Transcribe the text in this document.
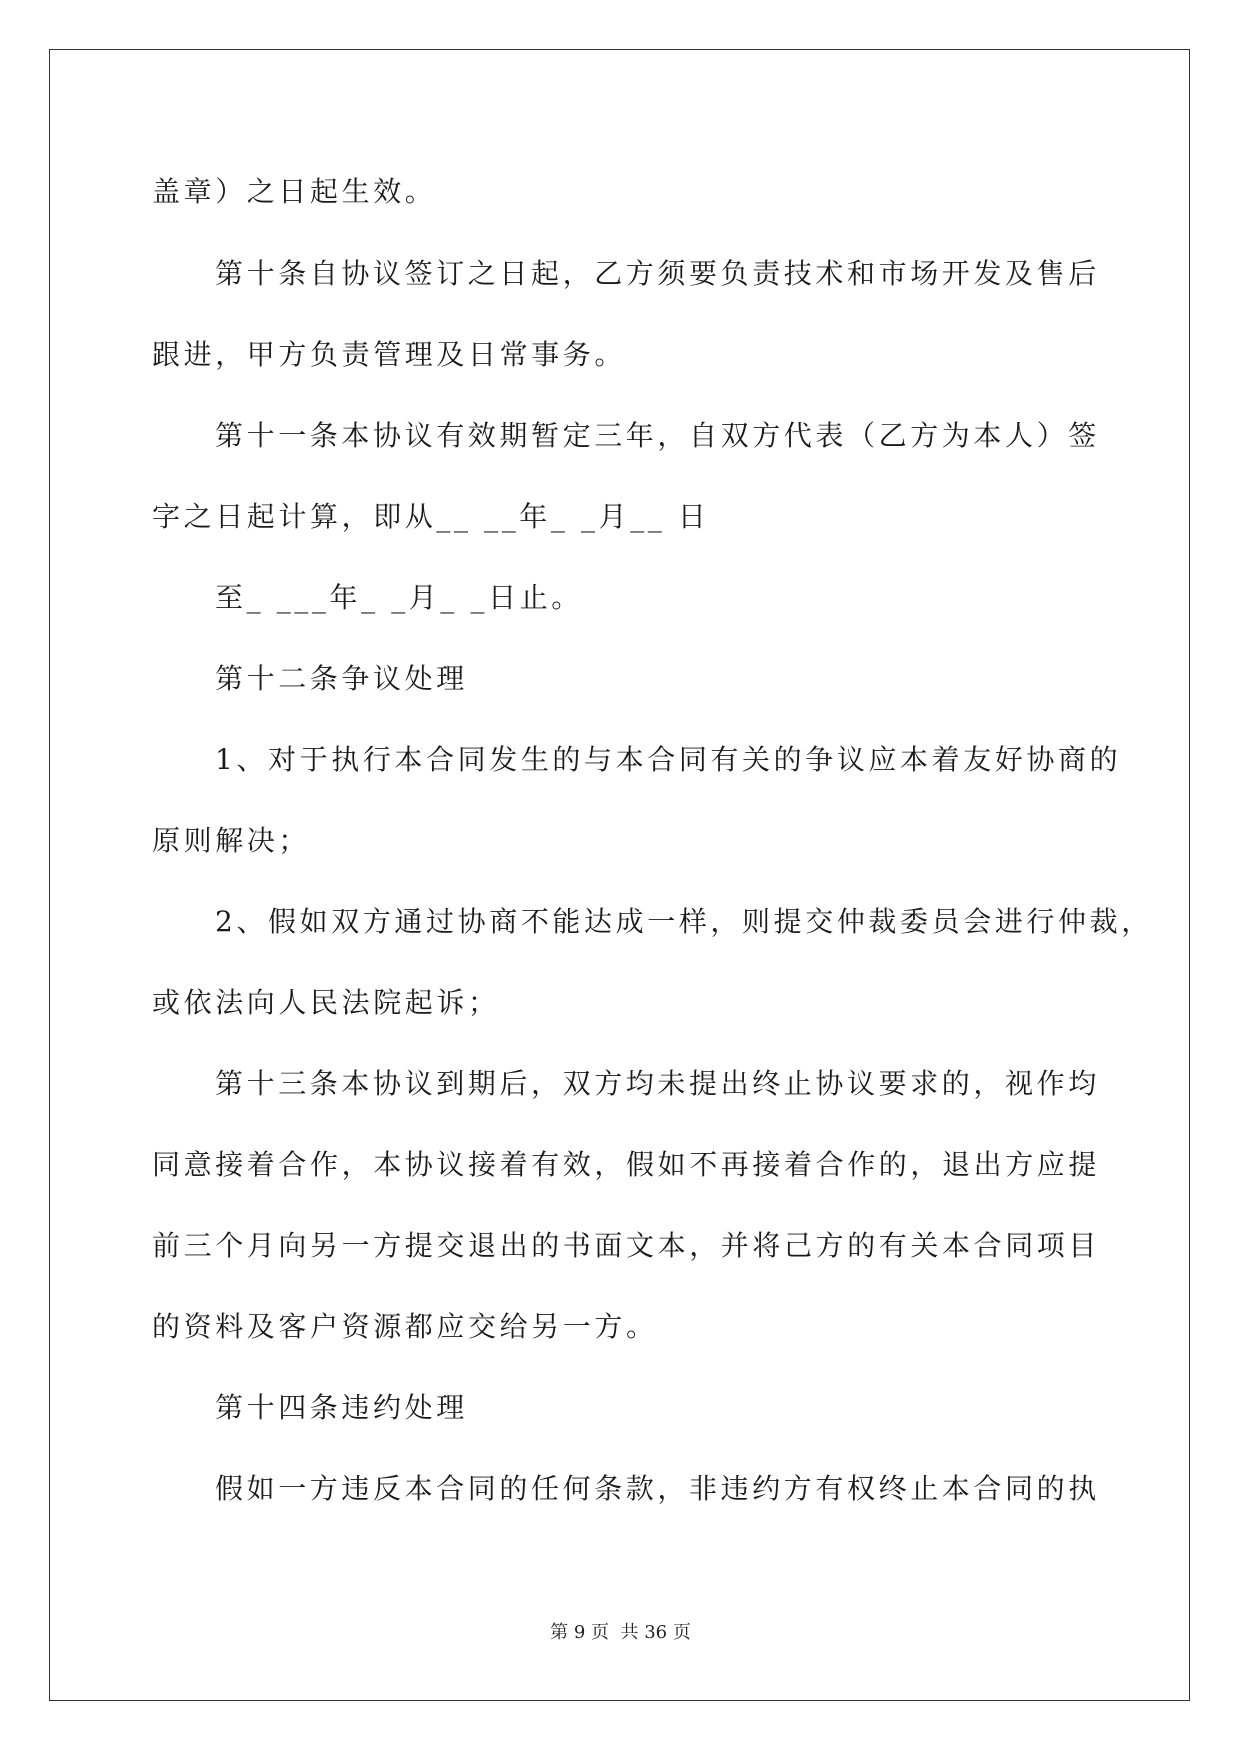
盖章）之日起生效。
第十条自协议签订之日起，乙方须要负责技术和市场开发及售后
跟进，甲方负责管理及日常事务。
第十一条本协议有效期暂定三年，自双方代表（乙方为本人）签
字之日起计算，即从__ __年_ _月__ 日
至_ ___年_ _月_ _日止。
第十二条争议处理
1、对于执行本合同发生的与本合同有关的争议应本着友好协商的
原则解决；
2、假如双方通过协商不能达成一样，则提交仲裁委员会进行仲裁，
或依法向人民法院起诉；
第十三条本协议到期后，双方均未提出终止协议要求的，视作均
同意接着合作，本协议接着有效，假如不再接着合作的，退出方应提
前三个月向另一方提交退出的书面文本，并将己方的有关本合同项目
的资料及客户资源都应交给另一方。
第十四条违约处理
假如一方违反本合同的任何条款，非违约方有权终止本合同的执
第 9 页  共 36 页
